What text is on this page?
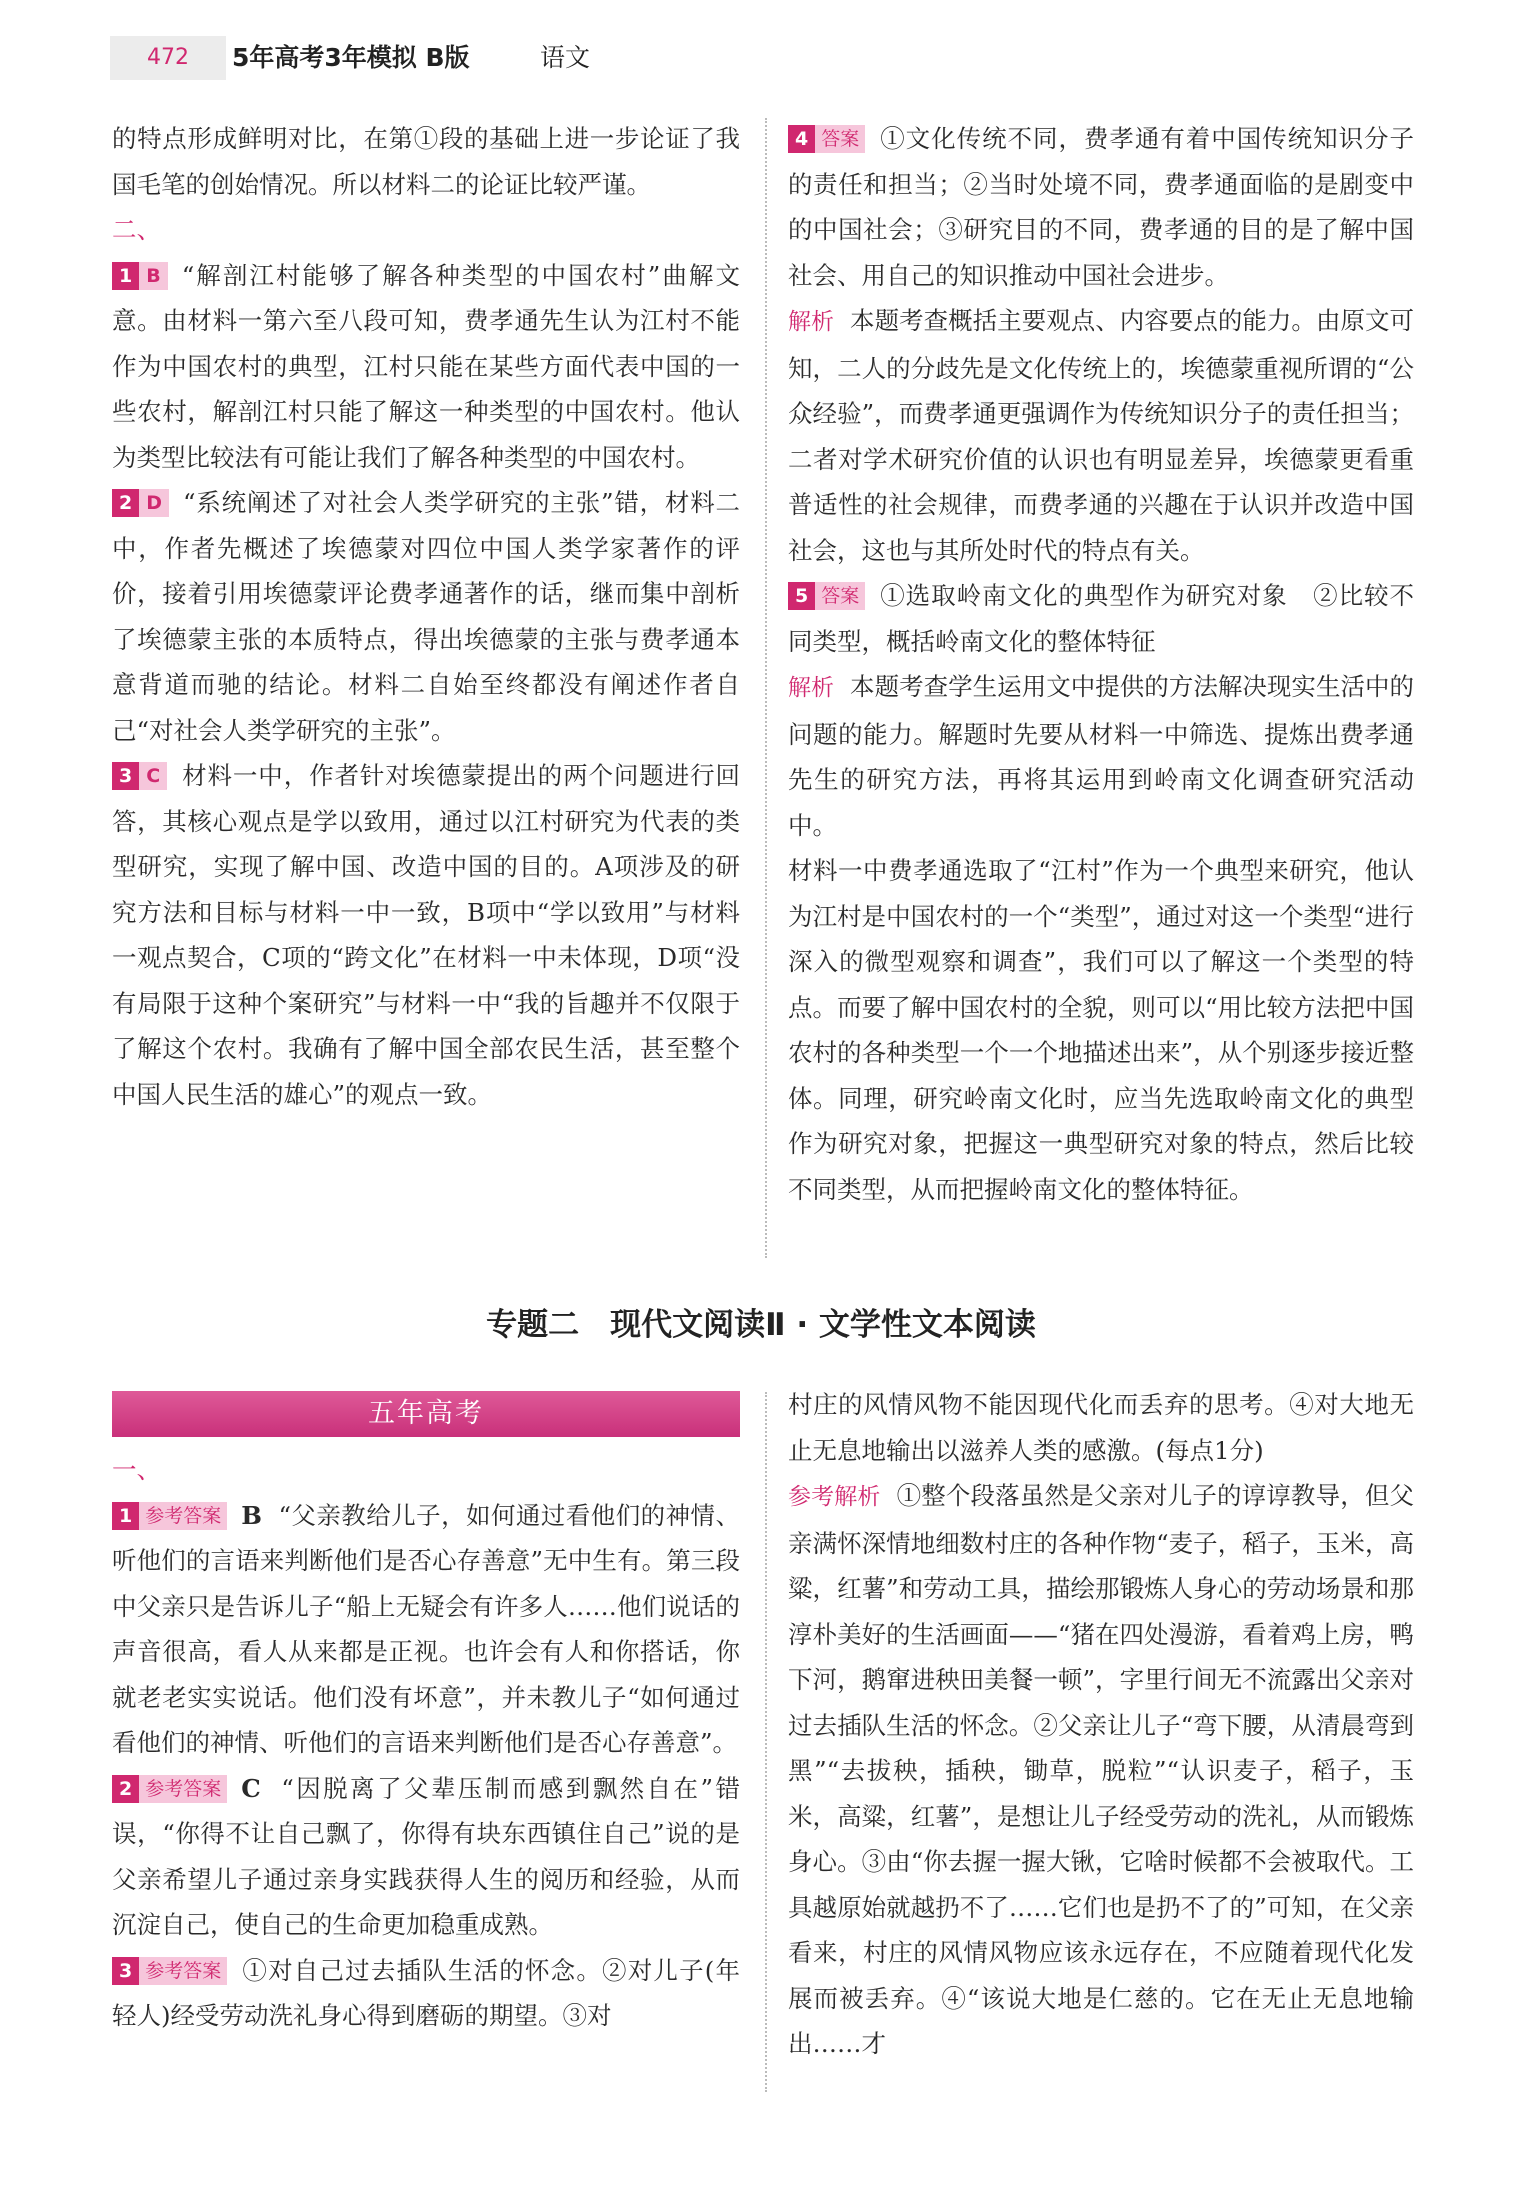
472	5年高考3年模拟 B版	语文

的特点形成鲜明对比，在第①段的基础上进一步论证了我国毛笔的创始情况。所以材料二的论证比较严谨。

二、

1 B “解剖江村能够了解各种类型的中国农村”曲解文意。由材料一第六至八段可知，费孝通先生认为江村不能作为中国农村的典型，江村只能在某些方面代表中国的一些农村，解剖江村只能了解这一种类型的中国农村。他认为类型比较法有可能让我们了解各种类型的中国农村。

2 D “系统阐述了对社会人类学研究的主张”错，材料二中，作者先概述了埃德蒙对四位中国人类学家著作的评价，接着引用埃德蒙评论费孝通著作的话，继而集中剖析了埃德蒙主张的本质特点，得出埃德蒙的主张与费孝通本意背道而驰的结论。材料二自始至终都没有阐述作者自己“对社会人类学研究的主张”。

3 C 材料一中，作者针对埃德蒙提出的两个问题进行回答，其核心观点是学以致用，通过以江村研究为代表的类型研究，实现了解中国、改造中国的目的。A项涉及的研究方法和目标与材料一中一致，B项中“学以致用”与材料一观点契合，C项的“跨文化”在材料一中未体现，D项“没有局限于这种个案研究”与材料一中“我的旨趣并不仅限于了解这个农村。我确有了解中国全部农民生活，甚至整个中国人民生活的雄心”的观点一致。

4 答案 ①文化传统不同，费孝通有着中国传统知识分子的责任和担当；②当时处境不同，费孝通面临的是剧变中的中国社会；③研究目的不同，费孝通的目的是了解中国社会、用自己的知识推动中国社会进步。

解析 本题考查概括主要观点、内容要点的能力。由原文可知，二人的分歧先是文化传统上的，埃德蒙重视所谓的“公众经验”，而费孝通更强调作为传统知识分子的责任担当；二者对学术研究价值的认识也有明显差异，埃德蒙更看重普适性的社会规律，而费孝通的兴趣在于认识并改造中国社会，这也与其所处时代的特点有关。

5 答案 ①选取岭南文化的典型作为研究对象　②比较不同类型，概括岭南文化的整体特征

解析 本题考查学生运用文中提供的方法解决现实生活中的问题的能力。解题时先要从材料一中筛选、提炼出费孝通先生的研究方法，再将其运用到岭南文化调查研究活动中。

材料一中费孝通选取了“江村”作为一个典型来研究，他认为江村是中国农村的一个“类型”，通过对这一个类型“进行深入的微型观察和调查”，我们可以了解这一个类型的特点。而要了解中国农村的全貌，则可以“用比较方法把中国农村的各种类型一个一个地描述出来”，从个别逐步接近整体。同理，研究岭南文化时，应当先选取岭南文化的典型作为研究对象，把握这一典型研究对象的特点，然后比较不同类型，从而把握岭南文化的整体特征。

专题二　现代文阅读Ⅱ · 文学性文本阅读
五年高考

一、

1 参考答案 B “父亲教给儿子，如何通过看他们的神情、听他们的言语来判断他们是否心存善意”无中生有。第三段中父亲只是告诉儿子“船上无疑会有许多人……他们说话的声音很高，看人从来都是正视。也许会有人和你搭话，你就老老实实说话。他们没有坏意”，并未教儿子“如何通过看他们的神情、听他们的言语来判断他们是否心存善意”。

2 参考答案 C “因脱离了父辈压制而感到飘然自在”错误，“你得不让自己飘了，你得有块东西镇住自己”说的是父亲希望儿子通过亲身实践获得人生的阅历和经验，从而沉淀自己，使自己的生命更加稳重成熟。

3 参考答案 ①对自己过去插队生活的怀念。②对儿子(年轻人)经受劳动洗礼身心得到磨砺的期望。③对

村庄的风情风物不能因现代化而丢弃的思考。④对大地无止无息地输出以滋养人类的感激。(每点1分)

参考解析 ①整个段落虽然是父亲对儿子的谆谆教导，但父亲满怀深情地细数村庄的各种作物“麦子，稻子，玉米，高粱，红薯”和劳动工具，描绘那锻炼人身心的劳动场景和那淳朴美好的生活画面——“猪在四处漫游，看着鸡上房，鸭下河，鹅窜进秧田美餐一顿”，字里行间无不流露出父亲对过去插队生活的怀念。②父亲让儿子“弯下腰，从清晨弯到黑”“去拔秧，插秧，锄草，脱粒”“认识麦子，稻子，玉米，高粱，红薯”，是想让儿子经受劳动的洗礼，从而锻炼身心。③由“你去握一握大锹，它啥时候都不会被取代。工具越原始就越扔不了……它们也是扔不了的”可知，在父亲看来，村庄的风情风物应该永远存在，不应随着现代化发展而被丢弃。④“该说大地是仁慈的。它在无止无息地输出……才
